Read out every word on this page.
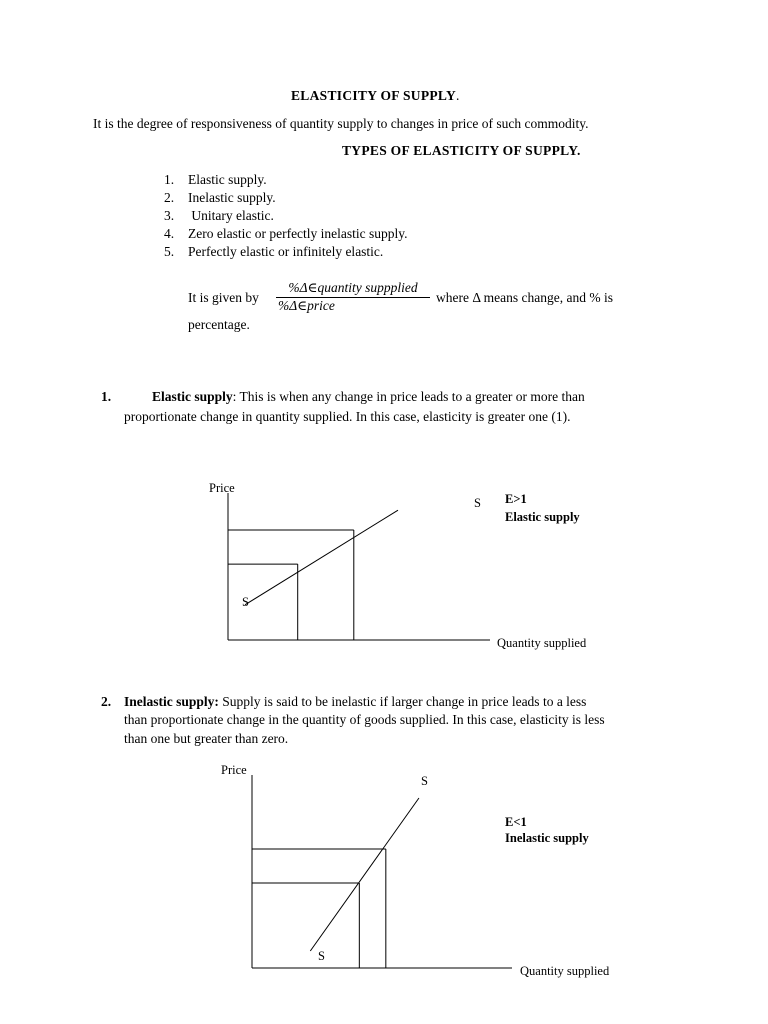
ELASTICITY OF SUPPLY.
It is the degree of responsiveness of quantity supply to changes in price of such commodity.
TYPES OF ELASTICITY OF SUPPLY.
1. Elastic supply.
2. Inelastic supply.
3. Unitary elastic.
4. Zero elastic or perfectly inelastic supply.
5. Perfectly elastic or infinitely elastic.
It is given by
%Δ∈quantity suppplied
%Δ∈price
where Δ means change, and % is
percentage.
1.	Elastic supply: This is when any change in price leads to a greater or more than
proportionate change in quantity supplied. In this case, elasticity is greater one (1).
2. Inelastic supply: Supply is said to be inelastic if larger change in price leads to a less
than proportionate change in the quantity of goods supplied. In this case, elasticity is less
than one but greater than zero.
Price
Quantity supplied
S
S
E>1
Elastic supply
Price
Quantity supplied
S
S
E<1
Inelastic supply
